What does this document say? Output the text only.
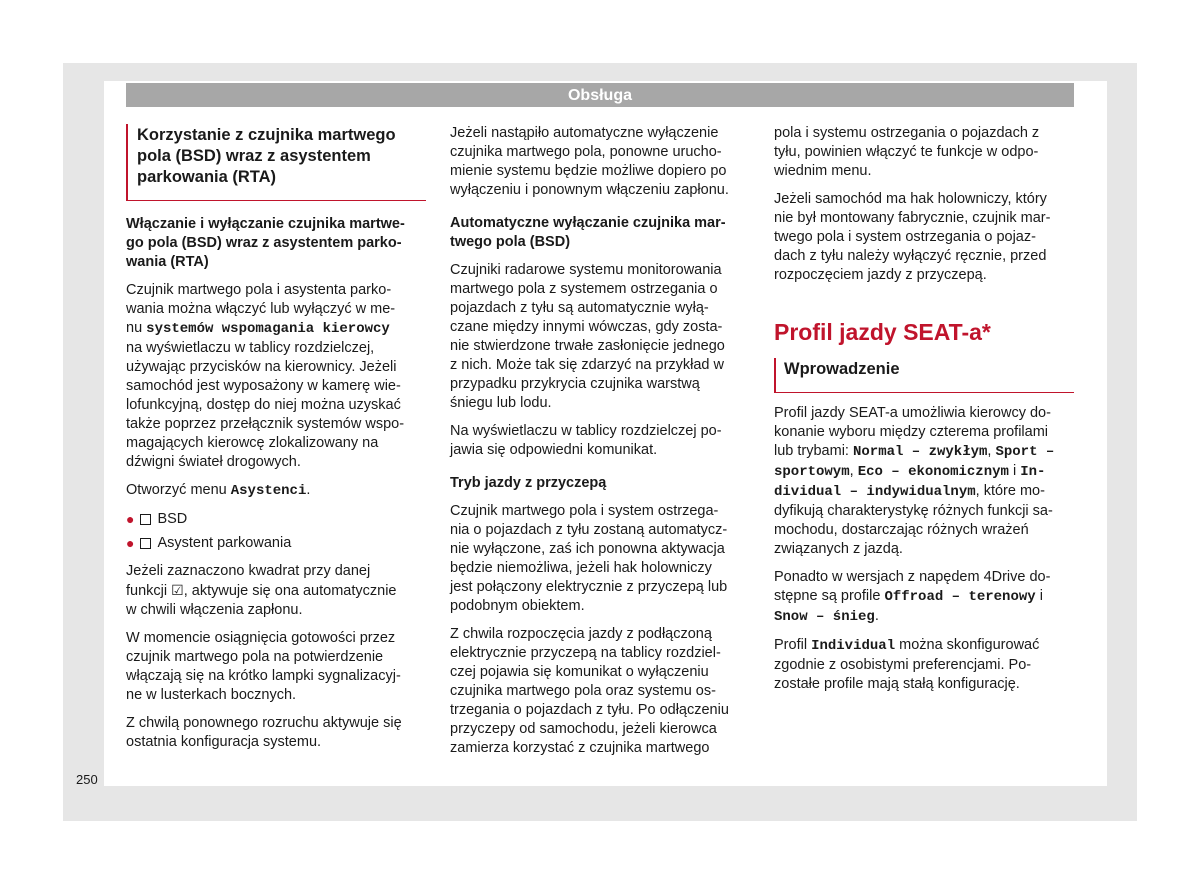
Obsługa

Korzystanie z czujnika martwego
pola (BSD) wraz z asystentem
parkowania (RTA)

Włączanie i wyłączanie czujnika martwe-
go pola (BSD) wraz z asystentem parko-
wania (RTA)

Czujnik martwego pola i asystenta parko-
wania można włączyć lub wyłączyć w me-
nu systemów wspomagania kierowcy
na wyświetlaczu w tablicy rozdzielczej,
używając przycisków na kierownicy. Jeżeli
samochód jest wyposażony w kamerę wie-
lofunkcyjną, dostęp do niej można uzyskać
także poprzez przełącznik systemów wspo-
magających kierowcę zlokalizowany na
dźwigni świateł drogowych.

Otworzyć menu Asystenci.

● BSD
● Asystent parkowania

Jeżeli zaznaczono kwadrat przy danej
funkcji ☑, aktywuje się ona automatycznie
w chwili włączenia zapłonu.

W momencie osiągnięcia gotowości przez
czujnik martwego pola na potwierdzenie
włączają się na krótko lampki sygnalizacyj-
ne w lusterkach bocznych.

Z chwilą ponownego rozruchu aktywuje się
ostatnia konfiguracja systemu.

Jeżeli nastąpiło automatyczne wyłączenie
czujnika martwego pola, ponowne urucho-
mienie systemu będzie możliwe dopiero po
wyłączeniu i ponownym włączeniu zapłonu.

Automatyczne wyłączanie czujnika mar-
twego pola (BSD)

Czujniki radarowe systemu monitorowania
martwego pola z systemem ostrzegania o
pojazdach z tyłu są automatycznie wyłą-
czane między innymi wówczas, gdy zosta-
nie stwierdzone trwałe zasłonięcie jednego
z nich. Może tak się zdarzyć na przykład w
przypadku przykrycia czujnika warstwą
śniegu lub lodu.

Na wyświetlaczu w tablicy rozdzielczej po-
jawia się odpowiedni komunikat.

Tryb jazdy z przyczepą

Czujnik martwego pola i system ostrzega-
nia o pojazdach z tyłu zostaną automatycz-
nie wyłączone, zaś ich ponowna aktywacja
będzie niemożliwa, jeżeli hak holowniczy
jest połączony elektrycznie z przyczepą lub
podobnym obiektem.

Z chwila rozpoczęcia jazdy z podłączoną
elektrycznie przyczepą na tablicy rozdziel-
czej pojawia się komunikat o wyłączeniu
czujnika martwego pola oraz systemu os-
trzegania o pojazdach z tyłu. Po odłączeniu
przyczepy od samochodu, jeżeli kierowca
zamierza korzystać z czujnika martwego

pola i systemu ostrzegania o pojazdach z
tyłu, powinien włączyć te funkcje w odpo-
wiednim menu.

Jeżeli samochód ma hak holowniczy, który
nie był montowany fabrycznie, czujnik mar-
twego pola i system ostrzegania o pojaz-
dach z tyłu należy wyłączyć ręcznie, przed
rozpoczęciem jazdy z przyczepą.

Profil jazdy SEAT-a*

Wprowadzenie

Profil jazdy SEAT-a umożliwia kierowcy do-
konanie wyboru między czterema profilami
lub trybami: Normal – zwykłym, Sport –
sportowym, Eco – ekonomicznym i In-
dividual – indywidualnym, które mo-
dyfikują charakterystykę różnych funkcji sa-
mochodu, dostarczając różnych wrażeń
związanych z jazdą.

Ponadto w wersjach z napędem 4Drive do-
stępne są profile Offroad – terenowy i
Snow – śnieg.

Profil Individual można skonfigurować
zgodnie z osobistymi preferencjami. Po-
zostałe profile mają stałą konfigurację.

250
